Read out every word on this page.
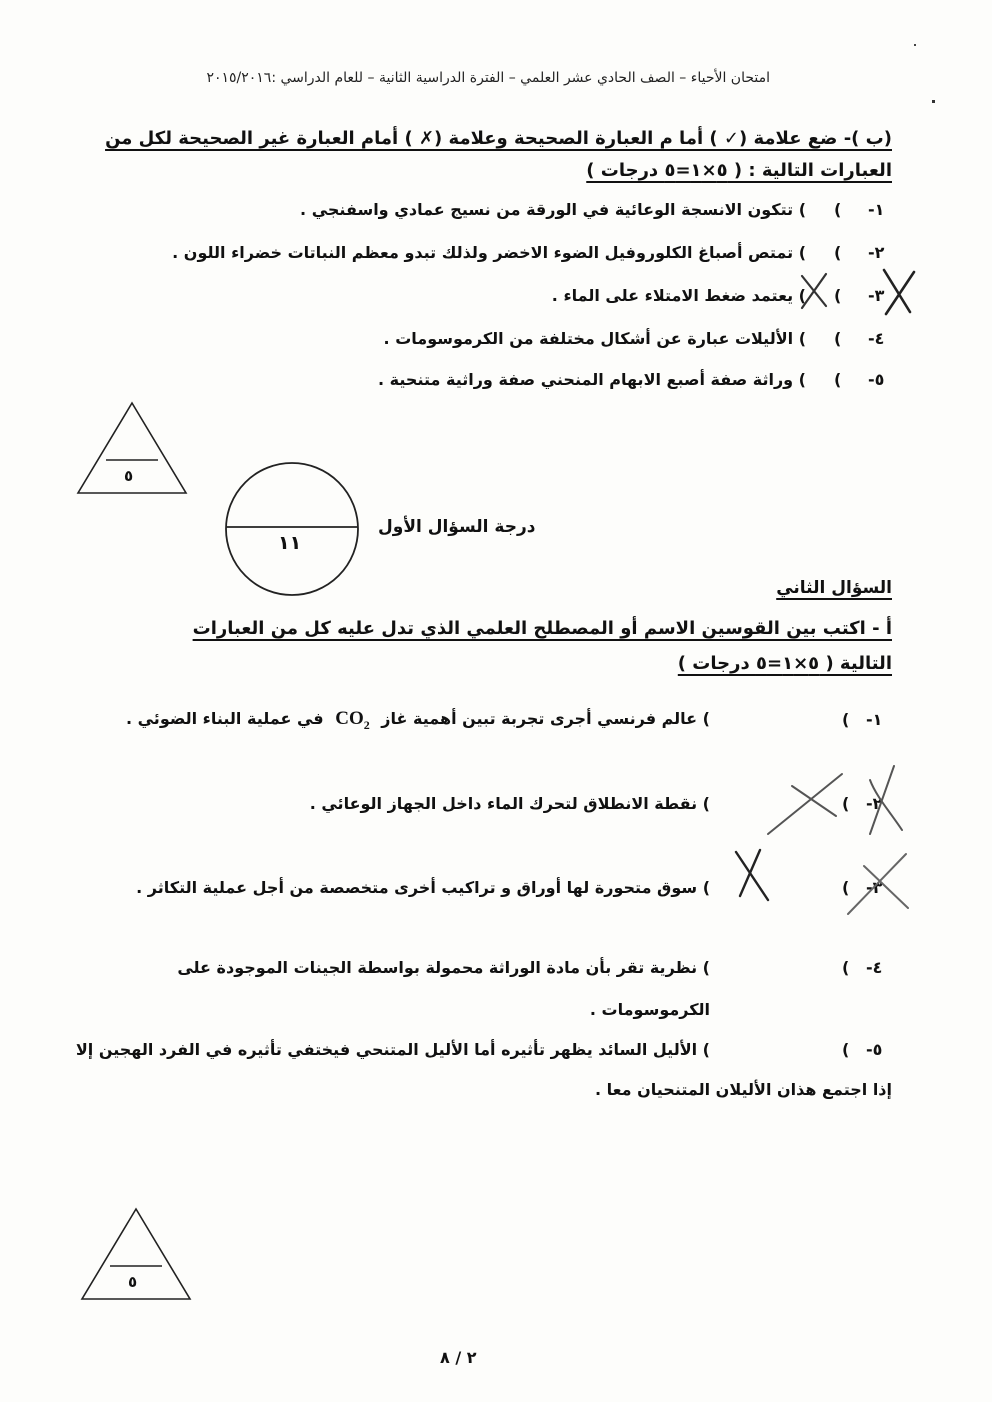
امتحان الأحياء – الصف الحادي عشر العلمي – الفترة الدراسية الثانية – للعام الدراسي :٢٠١٥/٢٠١٦
(ب )- ضع علامة (✓ ) أما م العبارة الصحيحة وعلامة (✗ ) أمام العبارة غير الصحيحة لكل من
العبارات التالية : ( ٥×١=٥ درجات )
١-
(
) تتكون الانسجة الوعائية ﻓﻲ الورقة من نسيج عمادي واسفنجي .
٢-
(
) تمتص أصباغ الكلوروفيل الضوء الاخضر ولذلك تبدو معظم النباتات خضراء اللون .
٣-
(
) يعتمد ضغط الامتلاء على الماء .
٤-
(
) الأليلات عبارة عن أشكال مختلفة من الكرموسومات .
٥-
(
) وراثة صفة أصبع الابهام المنحني صفة وراثية متنحية .
٥
١١
درجة السؤال الأول
السؤال الثاني
أ - اكتب بين القوسين الاسم أو المصطلح العلمي الذي تدل عليه كل من العبارات
التالية ( ٥×١=٥ درجات )
١-
(
) عالم فرنسي أجرى تجربة تبين أهمية غاز $CO_2$ ﻓﻲ عملية البناء الضوئي .
٢-
(
) نقطة الانطلاق لتحرك الماء داخل الجهاز الوعائي .
٣-
(
) سوق متحورة لها أوراق و تراكيب أخرى متخصصة من أجل عملية التكاثر .
٤-
(
) نظرية تقر بأن مادة الوراثة محمولة بواسطة الجينات الموجودة على
الكرموسومات .
٥-
(
) الأليل السائد يظهر تأثيره أما الأليل المتنحي فيختفي تأثيره ﻓﻲ الفرد الهجين إلا
إذا اجتمع هذان الأليلان المتنحيان معا .
٥
٢ / ٨
